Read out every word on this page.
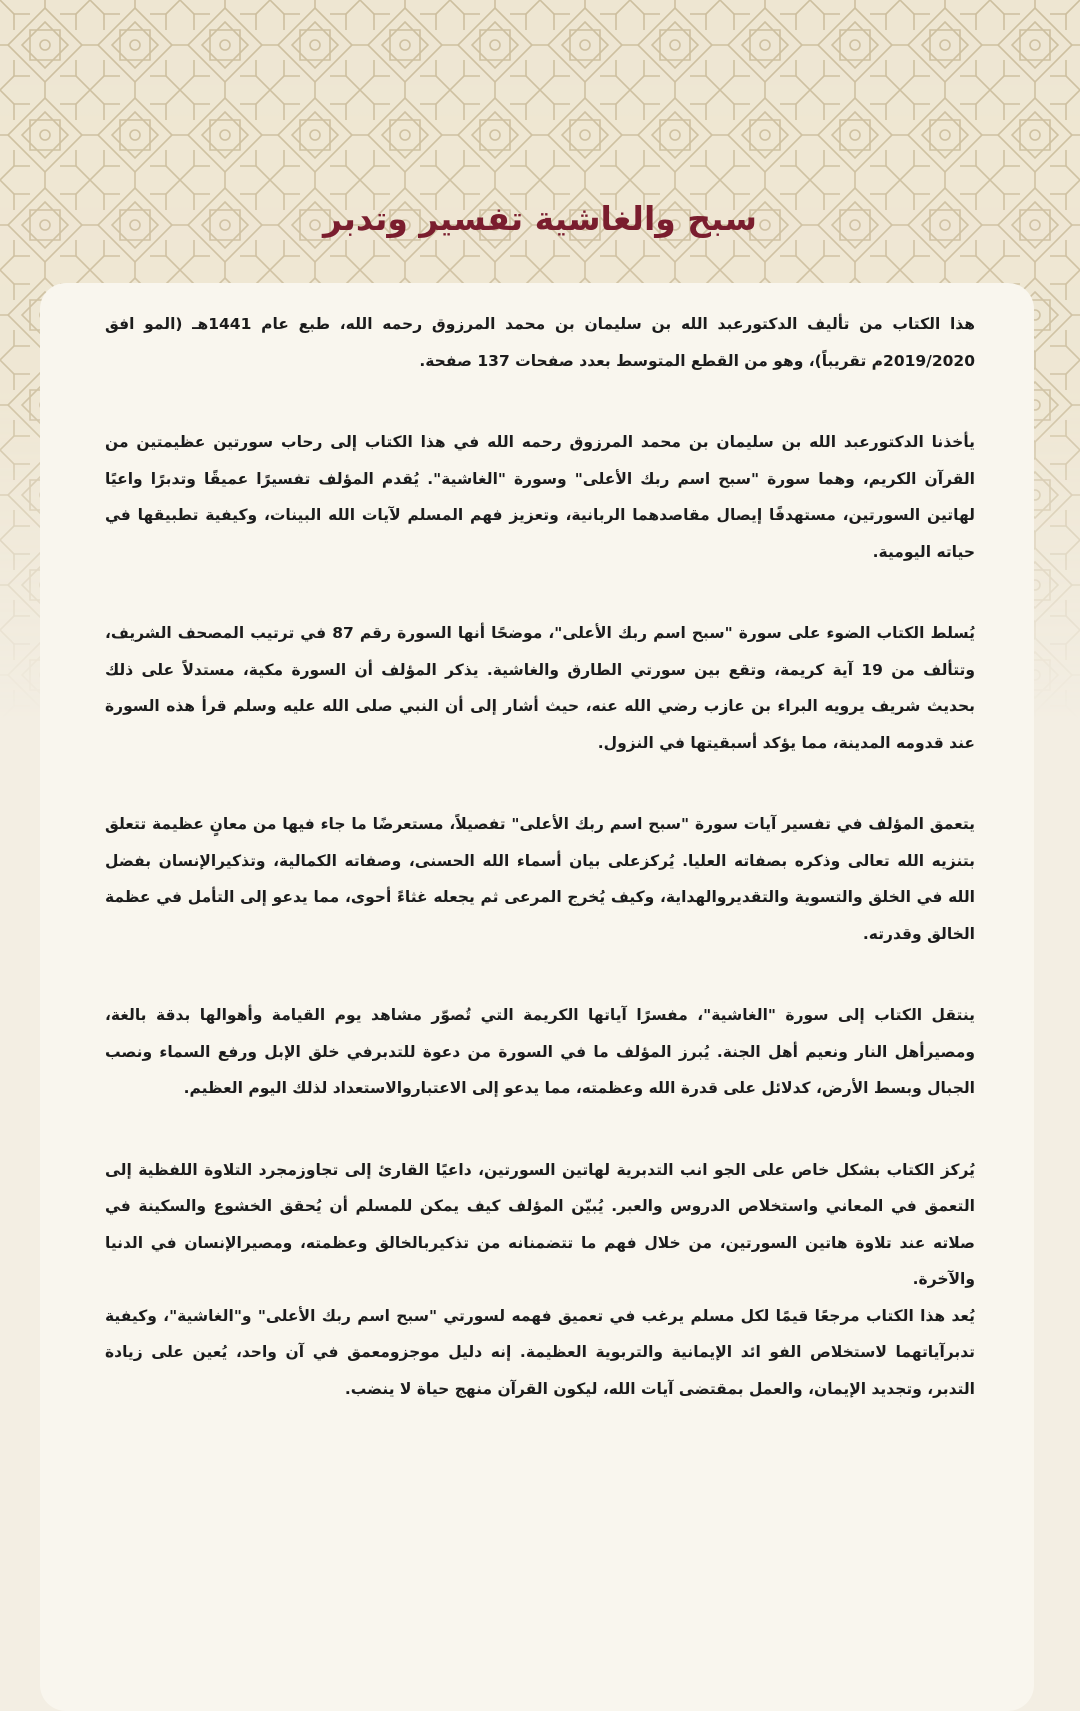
سبح والغاشية تفسير وتدبر

هذا الكتاب من تأليف الدكتورعبد الله بن سليمان بن محمد المرزوق رحمه الله، طبع عام 1441هـ (المو افق 2019/2020م تقريباً)، وهو من القطع المتوسط بعدد صفحات 137 صفحة.

يأخذنا الدكتورعبد الله بن سليمان بن محمد المرزوق رحمه الله في هذا الكتاب إلى رحاب سورتين عظيمتين من القرآن الكريم، وهما سورة "سبح اسم ربك الأعلى" وسورة "الغاشية". يُقدم المؤلف تفسيرًا عميقًا وتدبرًا واعيًا لهاتين السورتين، مستهدفًا إيصال مقاصدهما الربانية، وتعزيز فهم المسلم لآيات الله البينات، وكيفية تطبيقها في حياته اليومية.

يُسلط الكتاب الضوء على سورة "سبح اسم ربك الأعلى"، موضحًا أنها السورة رقم 87 في ترتيب المصحف الشريف، وتتألف من 19 آية كريمة، وتقع بين سورتي الطارق والغاشية. يذكر المؤلف أن السورة مكية، مستدلاً على ذلك بحديث شريف يرويه البراء بن عازب رضي الله عنه، حيث أشار إلى أن النبي صلى الله عليه وسلم قرأ هذه السورة عند قدومه المدينة، مما يؤكد أسبقيتها في النزول.

يتعمق المؤلف في تفسير آيات سورة "سبح اسم ربك الأعلى" تفصيلاً، مستعرضًا ما جاء فيها من معانٍ عظيمة تتعلق بتنزيه الله تعالى وذكره بصفاته العليا. يُركزعلى بيان أسماء الله الحسنى، وصفاته الكمالية، وتذكيرالإنسان بفضل الله في الخلق والتسوية والتقديروالهداية، وكيف يُخرج المرعى ثم يجعله غثاءً أحوى، مما يدعو إلى التأمل في عظمة الخالق وقدرته.

ينتقل الكتاب إلى سورة "الغاشية"، مفسرًا آياتها الكريمة التي تُصوّر مشاهد يوم القيامة وأهوالها بدقة بالغة، ومصيرأهل النار ونعيم أهل الجنة. يُبرز المؤلف ما في السورة من دعوة للتدبرفي خلق الإبل ورفع السماء ونصب الجبال وبسط الأرض، كدلائل على قدرة الله وعظمته، مما يدعو إلى الاعتباروالاستعداد لذلك اليوم العظيم.

يُركز الكتاب بشكل خاص على الجو انب التدبرية لهاتين السورتين، داعيًا القارئ إلى تجاوزمجرد التلاوة اللفظية إلى التعمق في المعاني واستخلاص الدروس والعبر. يُبيّن المؤلف كيف يمكن للمسلم أن يُحقق الخشوع والسكينة في صلاته عند تلاوة هاتين السورتين، من خلال فهم ما تتضمنانه من تذكيربالخالق وعظمته، ومصيرالإنسان في الدنيا والآخرة.

يُعد هذا الكتاب مرجعًا قيمًا لكل مسلم يرغب في تعميق فهمه لسورتي "سبح اسم ربك الأعلى" و"الغاشية"، وكيفية تدبرآياتهما لاستخلاص الفو ائد الإيمانية والتربوية العظيمة. إنه دليل موجزومعمق في آن واحد، يُعين على زيادة التدبر، وتجديد الإيمان، والعمل بمقتضى آيات الله، ليكون القرآن منهج حياة لا ينضب.
